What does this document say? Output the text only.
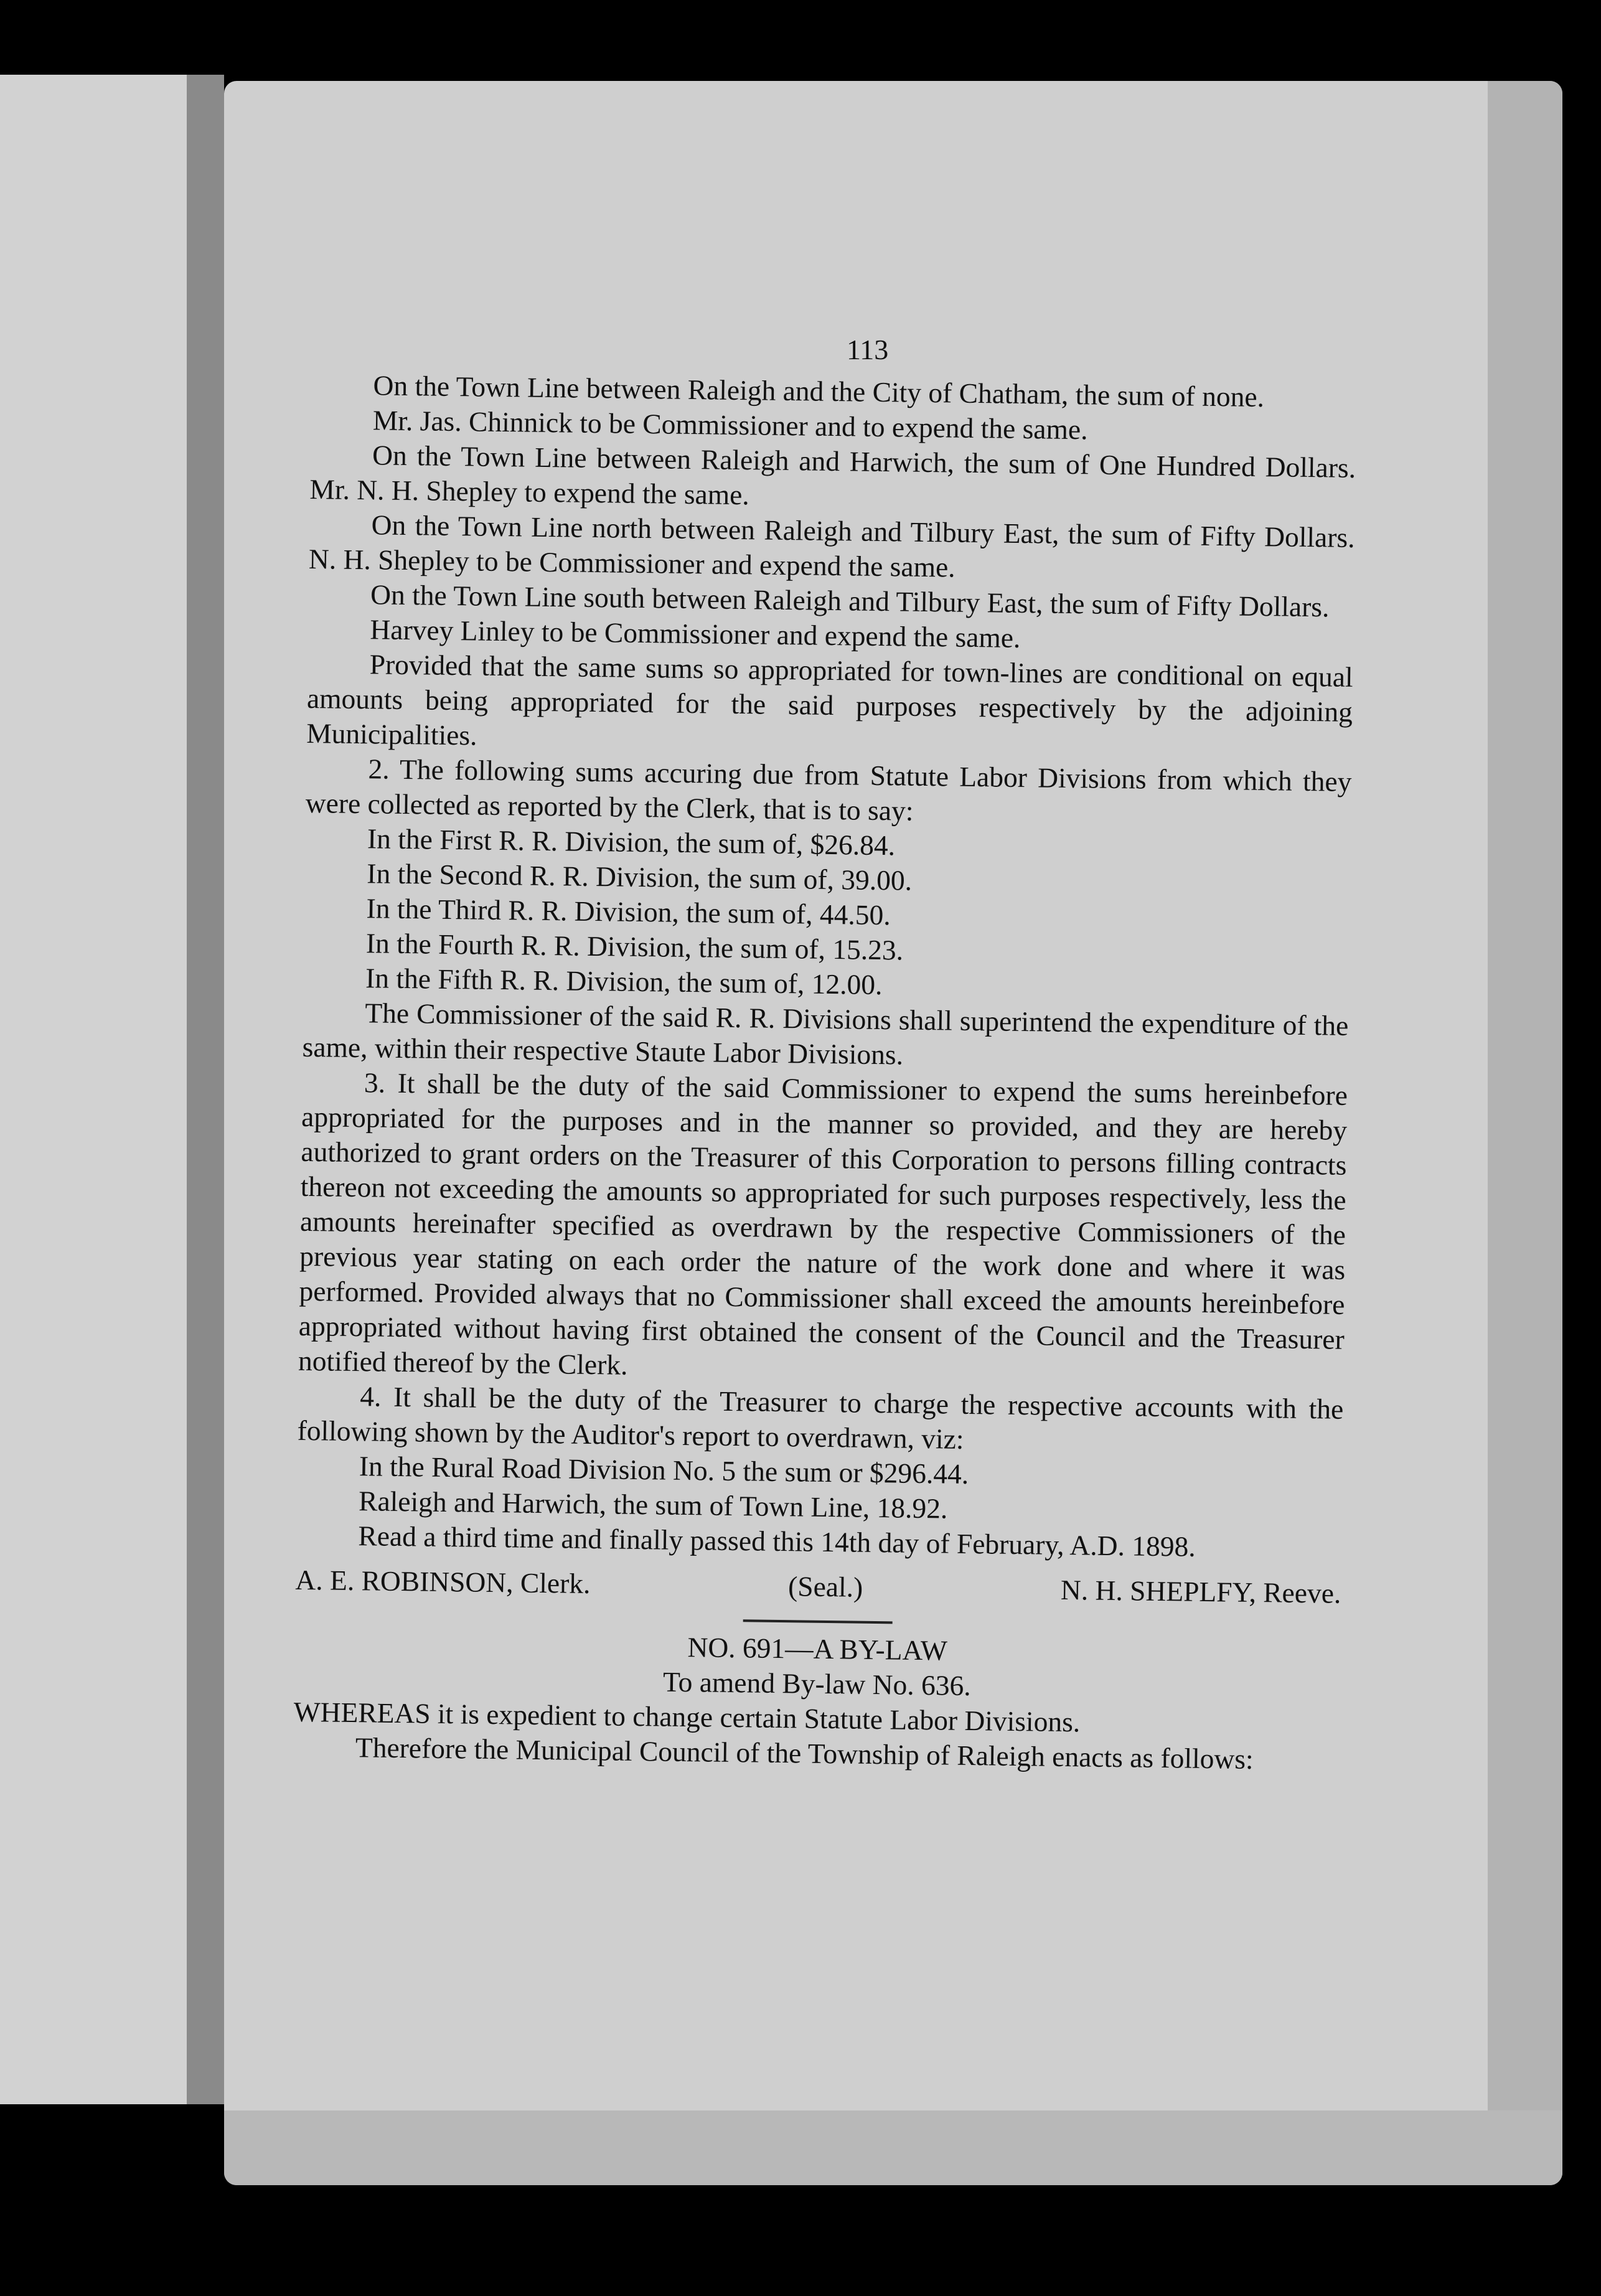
113

On the Town Line between Raleigh and the City of Chatham, the sum of none.

Mr. Jas. Chinnick to be Commissioner and to expend the same.

On the Town Line between Raleigh and Harwich, the sum of One Hundred Dollars. Mr. N. H. Shepley to expend the same.

On the Town Line north between Raleigh and Tilbury East, the sum of Fifty Dollars. N. H. Shepley to be Commissioner and expend the same.

On the Town Line south between Raleigh and Tilbury East, the sum of Fifty Dollars.

Harvey Linley to be Commissioner and expend the same.

Provided that the same sums so appropriated for town-lines are conditional on equal amounts being appropriated for the said purposes respectively by the adjoining Municipalities.

2. The following sums accuring due from Statute Labor Divisions from which they were collected as reported by the Clerk, that is to say:

In the First R. R. Division, the sum of, $26.84.

In the Second R. R. Division, the sum of, 39.00.

In the Third R. R. Division, the sum of, 44.50.

In the Fourth R. R. Division, the sum of, 15.23.

In the Fifth R. R. Division, the sum of, 12.00.

The Commissioner of the said R. R. Divisions shall superintend the expenditure of the same, within their respective Staute Labor Divisions.

3. It shall be the duty of the said Commissioner to expend the sums hereinbefore appropriated for the purposes and in the manner so provided, and they are hereby authorized to grant orders on the Treasurer of this Corporation to persons filling contracts thereon not exceeding the amounts so appropriated for such purposes respectively, less the amounts hereinafter specified as overdrawn by the respective Commissioners of the previous year stating on each order the nature of the work done and where it was performed. Provided always that no Commissioner shall exceed the amounts hereinbefore appropriated without having first obtained the consent of the Council and the Treasurer notified thereof by the Clerk.

4. It shall be the duty of the Treasurer to charge the respective accounts with the following shown by the Auditor's report to overdrawn, viz:

In the Rural Road Division No. 5 the sum or $296.44.

Raleigh and Harwich, the sum of Town Line, 18.92.

Read a third time and finally passed this 14th day of February, A.D. 1898.

A. E. ROBINSON, Clerk.	(Seal.)	N. H. SHEPLFY, Reeve.

NO. 691—A BY-LAW

To amend By-law No. 636.

WHEREAS it is expedient to change certain Statute Labor Divisions.

Therefore the Municipal Council of the Township of Raleigh enacts as follows:
